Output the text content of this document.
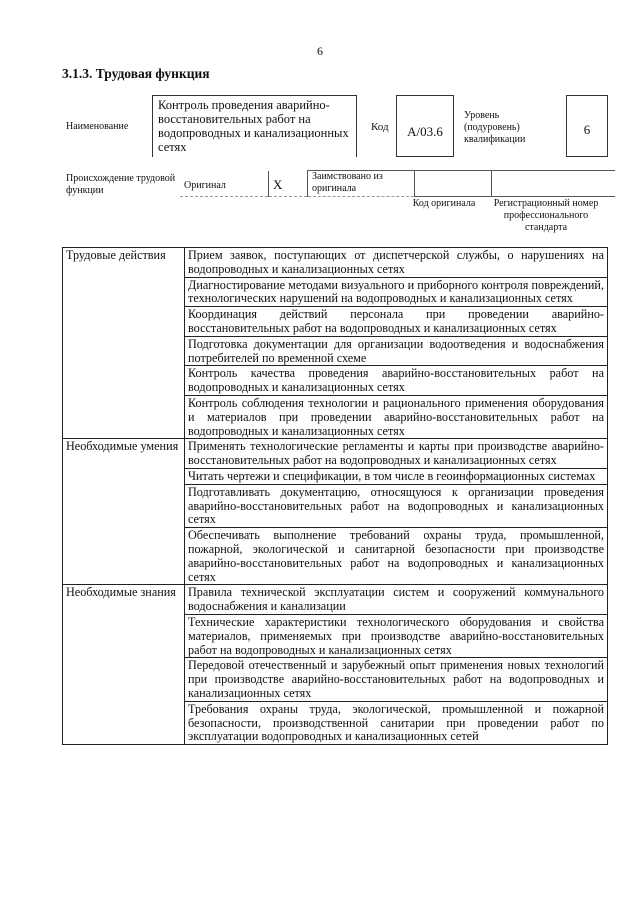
6
3.1.3. Трудовая функция
Наименование
Контроль проведения аварийно-восстановительных работ на водопроводных и канализационных сетях
Код	А/03.6
Уровень (подуровень) квалификации
6
Происхождение трудовой функции	Оригинал	Х	Заимствовано из оригинала		
Код оригинала	Регистрационный номер профессионального стандарта
Трудовые действия	Прием заявок, поступающих от диспетчерской службы, о нарушениях на водопроводных и канализационных сетях
	Диагностирование методами визуального и приборного контроля повреждений, технологических нарушений на водопроводных и канализационных сетях
	Координация действий персонала при проведении аварийно-восстановительных работ на водопроводных и канализационных сетях
	Подготовка документации для организации водоотведения и водоснабжения потребителей по временной схеме
	Контроль качества проведения аварийно-восстановительных работ на водопроводных и канализационных сетях
	Контроль соблюдения технологии и рационального применения оборудования и материалов при проведении аварийно-восстановительных работ на водопроводных и канализационных сетях
Необходимые умения	Применять технологические регламенты и карты при производстве аварийно-восстановительных работ на водопроводных и канализационных сетях
	Читать чертежи и спецификации, в том числе в геоинформационных системах
	Подготавливать документацию, относящуюся к организации проведения аварийно-восстановительных работ на водопроводных и канализационных сетях
	Обеспечивать выполнение требований охраны труда, промышленной, пожарной, экологической и санитарной безопасности при производстве аварийно-восстановительных работ на водопроводных и канализационных сетях
Необходимые знания	Правила технической эксплуатации систем и сооружений коммунального водоснабжения и канализации
	Технические характеристики технологического оборудования и свойства материалов, применяемых при производстве аварийно-восстановительных работ на водопроводных и канализационных сетях
	Передовой отечественный и зарубежный опыт применения новых технологий при производстве аварийно-восстановительных работ на водопроводных и канализационных сетях
	Требования охраны труда, экологической, промышленной и пожарной безопасности, производственной санитарии при проведении работ по эксплуатации водопроводных и канализационных сетей
